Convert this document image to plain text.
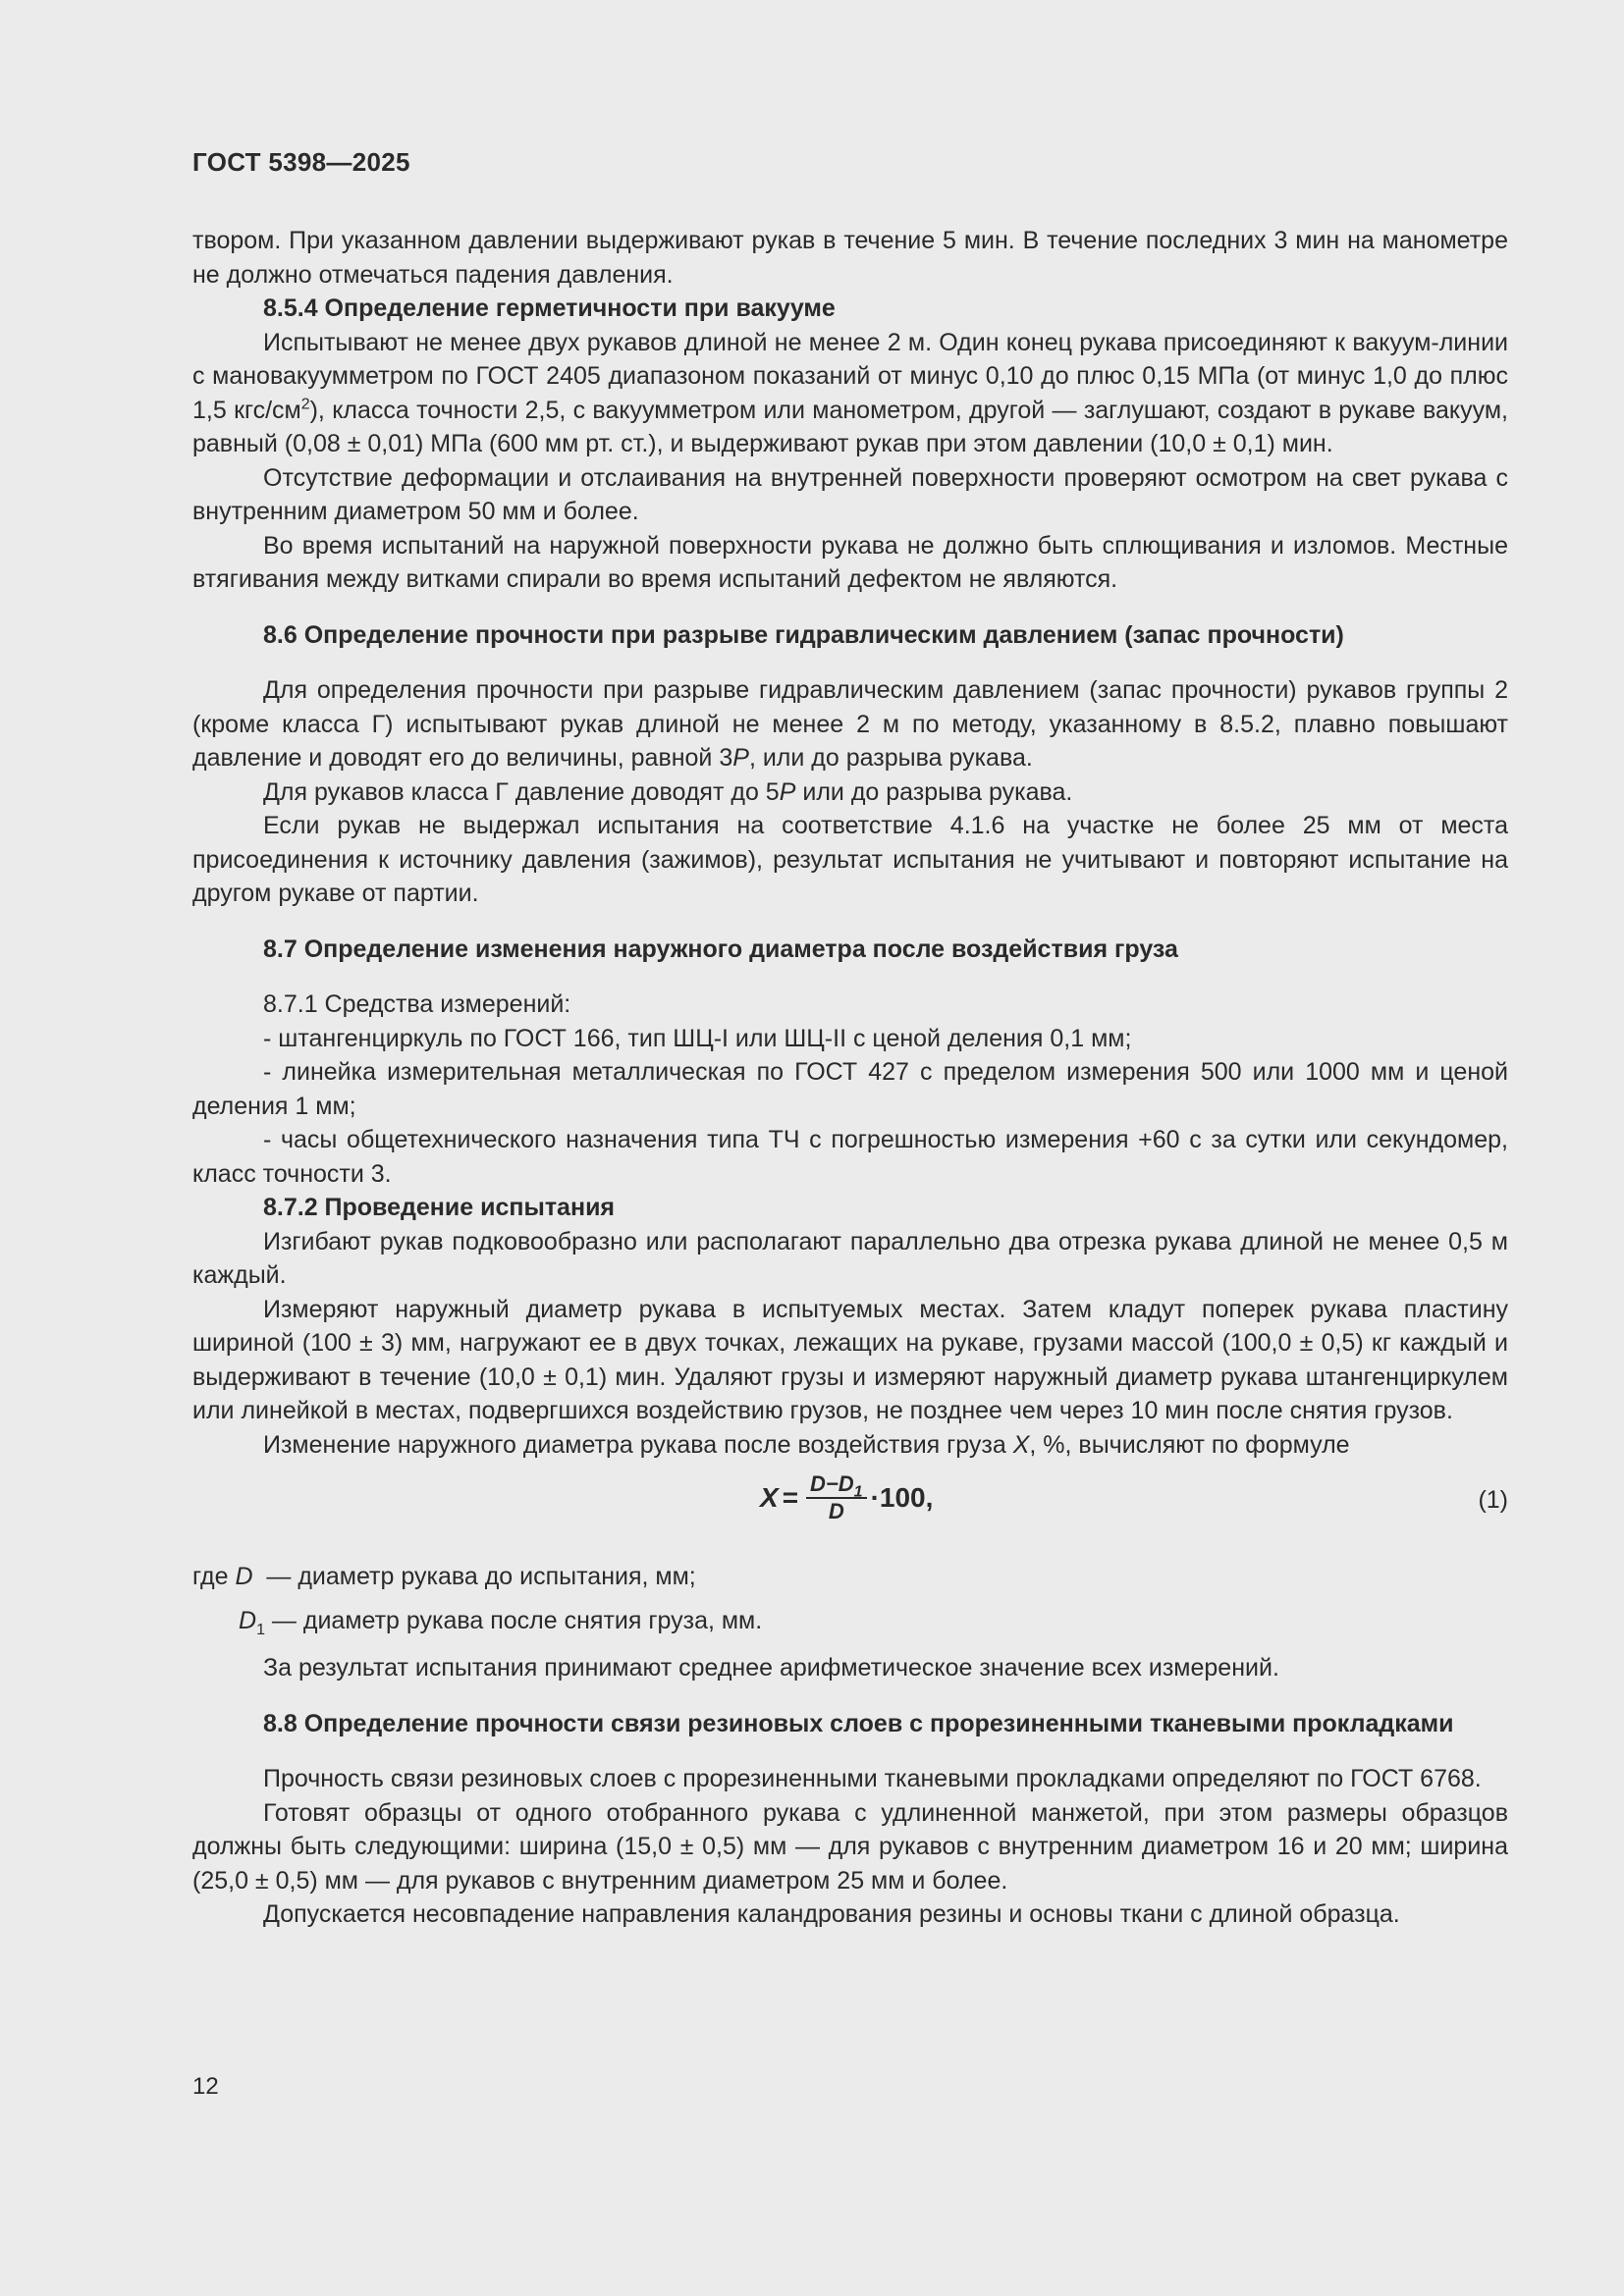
ГОСТ 5398—2025

твором. При указанном давлении выдерживают рукав в течение 5 мин. В течение последних 3 мин на манометре не должно отмечаться падения давления.

8.5.4 Определение герметичности при вакууме

Испытывают не менее двух рукавов длиной не менее 2 м. Один конец рукава присоединяют к вакуум-линии с мановакуумметром по ГОСТ 2405 диапазоном показаний от минус 0,10 до плюс 0,15 МПа (от минус 1,0 до плюс 1,5 кгс/$см^2$), класса точности 2,5, с вакуумметром или манометром, другой — заглушают, создают в рукаве вакуум, равный (0,08 ± 0,01) МПа (600 мм рт. ст.), и выдерживают рукав при этом давлении (10,0 ± 0,1) мин.

Отсутствие деформации и отслаивания на внутренней поверхности проверяют осмотром на свет рукава с внутренним диаметром 50 мм и более.

Во время испытаний на наружной поверхности рукава не должно быть сплющивания и изломов. Местные втягивания между витками спирали во время испытаний дефектом не являются.

8.6 Определение прочности при разрыве гидравлическим давлением (запас прочности)

Для определения прочности при разрыве гидравлическим давлением (запас прочности) рукавов группы 2 (кроме класса Г) испытывают рукав длиной не менее 2 м по методу, указанному в 8.5.2, плавно повышают давление и доводят его до величины, равной 3P, или до разрыва рукава.

Для рукавов класса Г давление доводят до 5P или до разрыва рукава.

Если рукав не выдержал испытания на соответствие 4.1.6 на участке не более 25 мм от места присоединения к источнику давления (зажимов), результат испытания не учитывают и повторяют испытание на другом рукаве от партии.

8.7 Определение изменения наружного диаметра после воздействия груза

8.7.1 Средства измерений:

- штангенциркуль по ГОСТ 166, тип ШЦ-I или ШЦ-II с ценой деления 0,1 мм;

- линейка измерительная металлическая по ГОСТ 427 с пределом измерения 500 или 1000 мм и ценой деления 1 мм;

- часы общетехнического назначения типа ТЧ с погрешностью измерения +60 с за сутки или секундомер, класс точности 3.

8.7.2 Проведение испытания

Изгибают рукав подковообразно или располагают параллельно два отрезка рукава длиной не менее 0,5 м каждый.

Измеряют наружный диаметр рукава в испытуемых местах. Затем кладут поперек рукава пластину шириной (100 ± 3) мм, нагружают ее в двух точках, лежащих на рукаве, грузами массой (100,0 ± 0,5) кг каждый и выдерживают в течение (10,0 ± 0,1) мин. Удаляют грузы и измеряют наружный диаметр рукава штангенциркулем или линейкой в местах, подвергшихся воздействию грузов, не позднее чем через 10 мин после снятия грузов.

Изменение наружного диаметра рукава после воздействия груза X, %, вычисляют по формуле

$X = \frac{D-D_1}{D} \cdot 100$,	(1)

где D  — диаметр рукава до испытания, мм;

$D_1$ — диаметр рукава после снятия груза, мм.

За результат испытания принимают среднее арифметическое значение всех измерений.

8.8 Определение прочности связи резиновых слоев с прорезиненными тканевыми прокладками

Прочность связи резиновых слоев с прорезиненными тканевыми прокладками определяют по ГОСТ 6768.

Готовят образцы от одного отобранного рукава с удлиненной манжетой, при этом размеры образцов должны быть следующими: ширина (15,0 ± 0,5) мм — для рукавов с внутренним диаметром 16 и 20 мм; ширина (25,0 ± 0,5) мм — для рукавов с внутренним диаметром 25 мм и более.

Допускается несовпадение направления каландрования резины и основы ткани с длиной образца.

12
